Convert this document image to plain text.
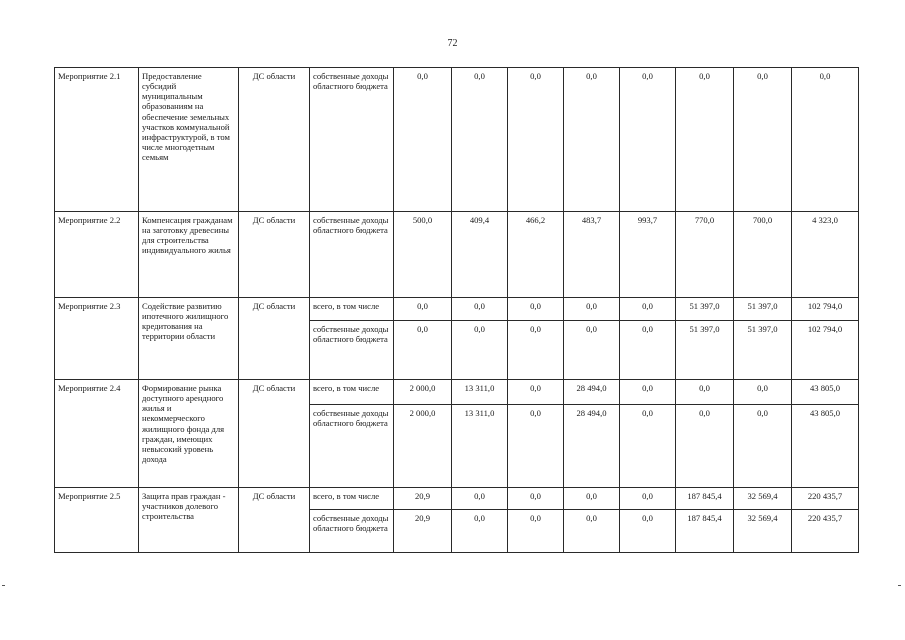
72
Мероприятие 2.1	Предоставление субсидий муниципальным образованиям на обеспечение земельных участков коммунальной инфраструктурой, в том числе многодетным семьям	ДС области	собственные доходы областного бюджета	0,0	0,0	0,0	0,0	0,0	0,0	0,0	0,0
Мероприятие 2.2	Компенсация гражданам на заготовку древесины для строительства индивидуального жилья	ДС области	собственные доходы областного бюджета	500,0	409,4	466,2	483,7	993,7	770,0	700,0	4 323,0
Мероприятие 2.3	Содействие развитию ипотечного жилищного кредитования на территории области	ДС области	всего, в том числе	0,0	0,0	0,0	0,0	0,0	51 397,0	51 397,0	102 794,0
			собственные доходы областного бюджета	0,0	0,0	0,0	0,0	0,0	51 397,0	51 397,0	102 794,0
Мероприятие 2.4	Формирование рынка доступного арендного жилья и некоммерческого жилищного фонда для граждан, имеющих невысокий уровень дохода	ДС области	всего, в том числе	2 000,0	13 311,0	0,0	28 494,0	0,0	0,0	0,0	43 805,0
			собственные доходы областного бюджета	2 000,0	13 311,0	0,0	28 494,0	0,0	0,0	0,0	43 805,0
Мероприятие 2.5	Защита прав граждан - участников долевого строительства	ДС области	всего, в том числе	20,9	0,0	0,0	0,0	0,0	187 845,4	32 569,4	220 435,7
			собственные доходы областного бюджета	20,9	0,0	0,0	0,0	0,0	187 845,4	32 569,4	220 435,7
